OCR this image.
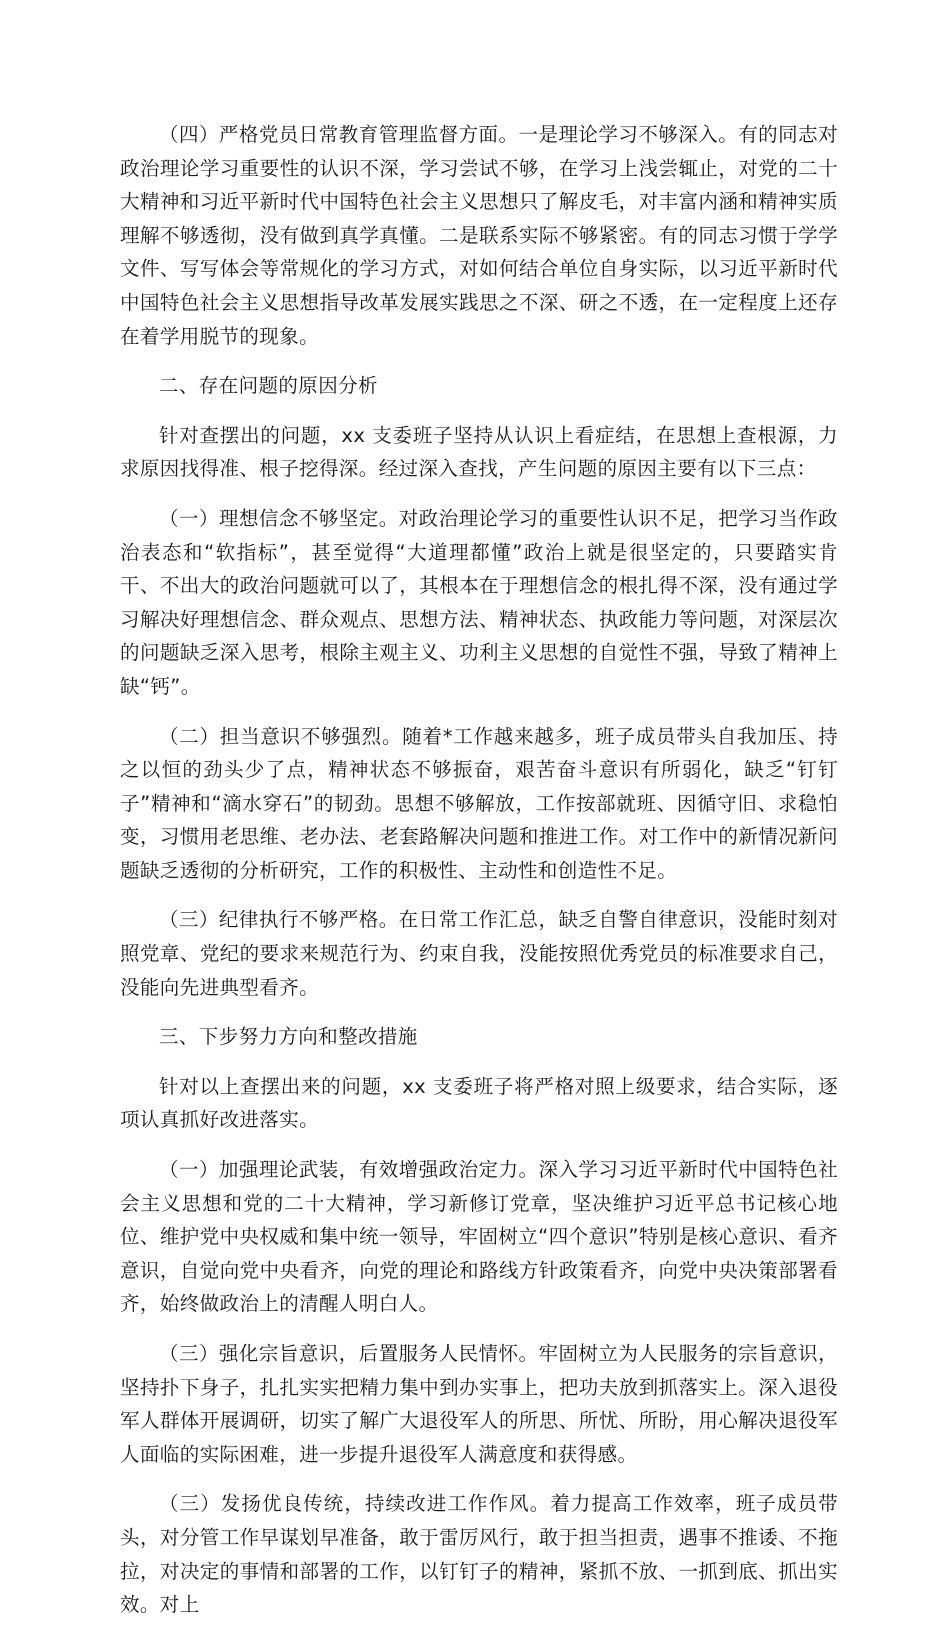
（四）严格党员日常教育管理监督方面。一是理论学习不够深入。有的同志对政治理论学习重要性的认识不深，学习尝试不够，在学习上浅尝辄止，对党的二十大精神和习近平新时代中国特色社会主义思想只了解皮毛，对丰富内涵和精神实质理解不够透彻，没有做到真学真懂。二是联系实际不够紧密。有的同志习惯于学学文件、写写体会等常规化的学习方式，对如何结合单位自身实际，以习近平新时代中国特色社会主义思想指导改革发展实践思之不深、研之不透，在一定程度上还存在着学用脱节的现象。

二、存在问题的原因分析

针对查摆出的问题，xx 支委班子坚持从认识上看症结，在思想上查根源，力求原因找得准、根子挖得深。经过深入查找，产生问题的原因主要有以下三点：

（一）理想信念不够坚定。对政治理论学习的重要性认识不足，把学习当作政治表态和“软指标”，甚至觉得“大道理都懂”政治上就是很坚定的，只要踏实肯干、不出大的政治问题就可以了，其根本在于理想信念的根扎得不深，没有通过学习解决好理想信念、群众观点、思想方法、精神状态、执政能力等问题，对深层次的问题缺乏深入思考，根除主观主义、功利主义思想的自觉性不强，导致了精神上缺“钙”。

（二）担当意识不够强烈。随着*工作越来越多，班子成员带头自我加压、持之以恒的劲头少了点，精神状态不够振奋，艰苦奋斗意识有所弱化，缺乏“钉钉子”精神和“滴水穿石”的韧劲。思想不够解放，工作按部就班、因循守旧、求稳怕变，习惯用老思维、老办法、老套路解决问题和推进工作。对工作中的新情况新问题缺乏透彻的分析研究，工作的积极性、主动性和创造性不足。

（三）纪律执行不够严格。在日常工作汇总，缺乏自警自律意识，没能时刻对照党章、党纪的要求来规范行为、约束自我，没能按照优秀党员的标准要求自己，没能向先进典型看齐。

三、下步努力方向和整改措施

针对以上查摆出来的问题，xx 支委班子将严格对照上级要求，结合实际，逐项认真抓好改进落实。

（一）加强理论武装，有效增强政治定力。深入学习习近平新时代中国特色社会主义思想和党的二十大精神，学习新修订党章，坚决维护习近平总书记核心地位、维护党中央权威和集中统一领导，牢固树立“四个意识”特别是核心意识、看齐意识，自觉向党中央看齐，向党的理论和路线方针政策看齐，向党中央决策部署看齐，始终做政治上的清醒人明白人。

（三）强化宗旨意识，后置服务人民情怀。牢固树立为人民服务的宗旨意识，坚持扑下身子，扎扎实实把精力集中到办实事上，把功夫放到抓落实上。深入退役军人群体开展调研，切实了解广大退役军人的所思、所忧、所盼，用心解决退役军人面临的实际困难，进一步提升退役军人满意度和获得感。

（三）发扬优良传统，持续改进工作作风。着力提高工作效率，班子成员带头，对分管工作早谋划早准备，敢于雷厉风行，敢于担当担责，遇事不推诿、不拖拉，对决定的事情和部署的工作，以钉钉子的精神，紧抓不放、一抓到底、抓出实效。对上
